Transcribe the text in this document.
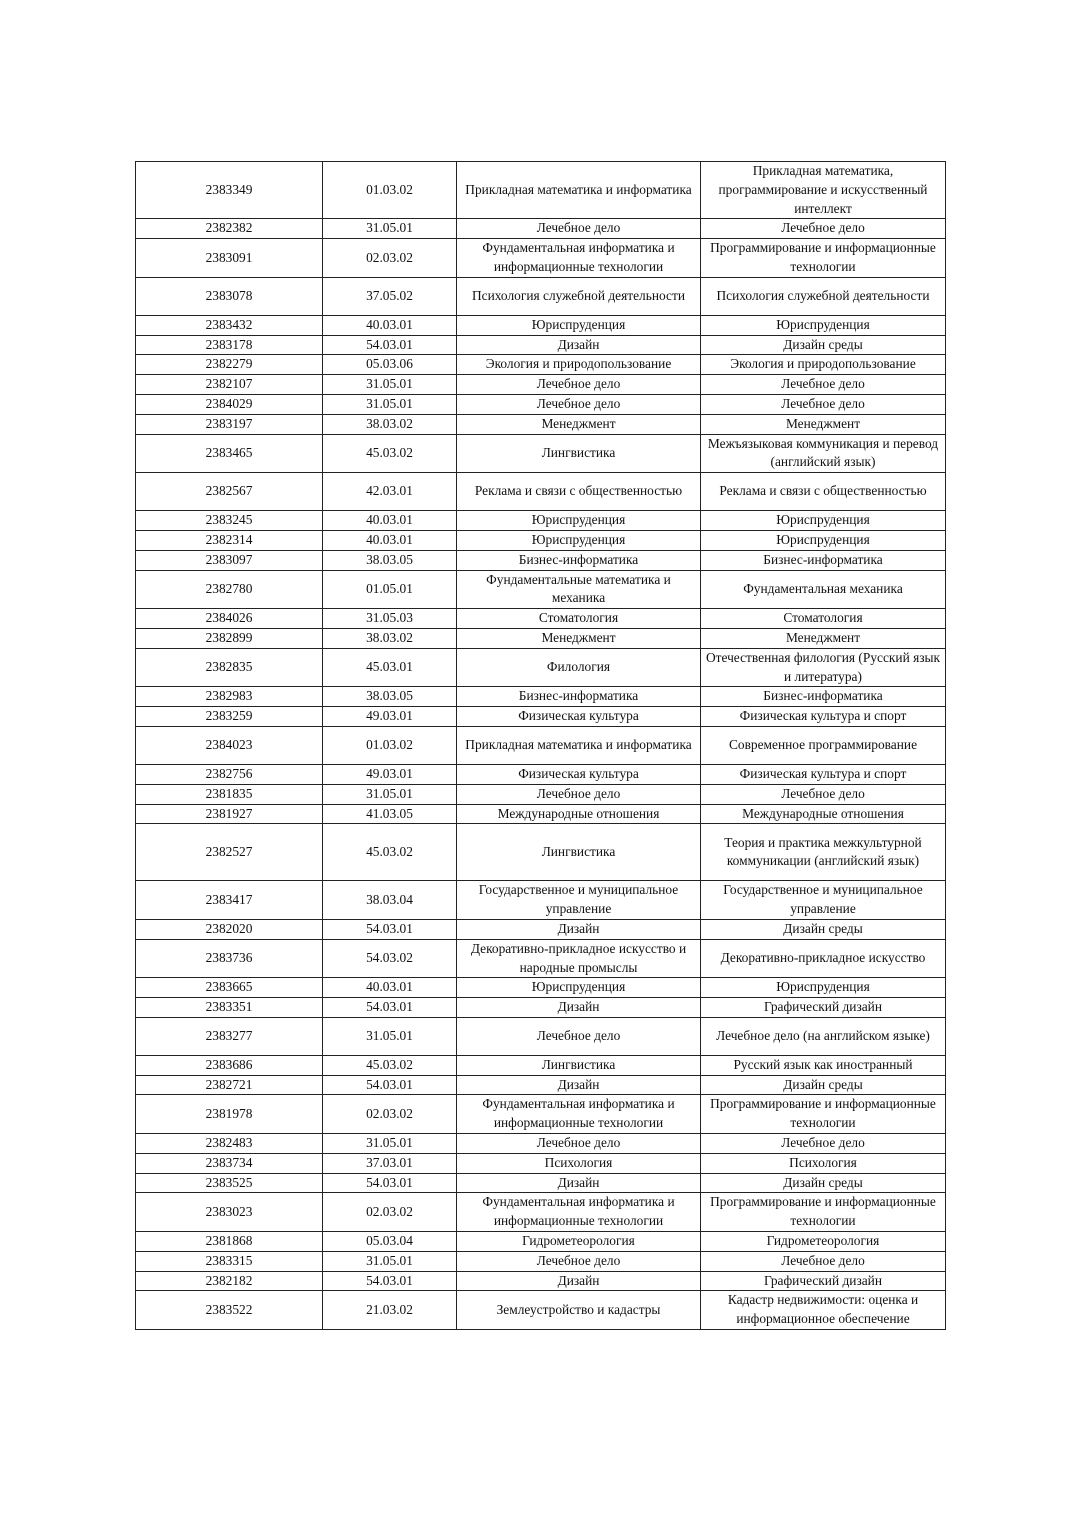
2383349	01.03.02	Прикладная математика и информатика	Прикладная математика, программирование и искусственный интеллект
2382382	31.05.01	Лечебное дело	Лечебное дело
2383091	02.03.02	Фундаментальная информатика и информационные технологии	Программирование и информационные технологии
2383078	37.05.02	Психология служебной деятельности	Психология служебной деятельности
2383432	40.03.01	Юриспруденция	Юриспруденция
2383178	54.03.01	Дизайн	Дизайн среды
2382279	05.03.06	Экология и природопользование	Экология и природопользование
2382107	31.05.01	Лечебное дело	Лечебное дело
2384029	31.05.01	Лечебное дело	Лечебное дело
2383197	38.03.02	Менеджмент	Менеджмент
2383465	45.03.02	Лингвистика	Межъязыковая коммуникация и перевод (английский язык)
2382567	42.03.01	Реклама и связи с общественностью	Реклама и связи с общественностью
2383245	40.03.01	Юриспруденция	Юриспруденция
2382314	40.03.01	Юриспруденция	Юриспруденция
2383097	38.03.05	Бизнес-информатика	Бизнес-информатика
2382780	01.05.01	Фундаментальные математика и механика	Фундаментальная механика
2384026	31.05.03	Стоматология	Стоматология
2382899	38.03.02	Менеджмент	Менеджмент
2382835	45.03.01	Филология	Отечественная филология (Русский язык и литература)
2382983	38.03.05	Бизнес-информатика	Бизнес-информатика
2383259	49.03.01	Физическая культура	Физическая культура и спорт
2384023	01.03.02	Прикладная математика и информатика	Современное программирование
2382756	49.03.01	Физическая культура	Физическая культура и спорт
2381835	31.05.01	Лечебное дело	Лечебное дело
2381927	41.03.05	Международные отношения	Международные отношения
2382527	45.03.02	Лингвистика	Теория и практика межкультурной коммуникации (английский язык)
2383417	38.03.04	Государственное и муниципальное управление	Государственное и муниципальное управление
2382020	54.03.01	Дизайн	Дизайн среды
2383736	54.03.02	Декоративно-прикладное искусство и народные промыслы	Декоративно-прикладное искусство
2383665	40.03.01	Юриспруденция	Юриспруденция
2383351	54.03.01	Дизайн	Графический дизайн
2383277	31.05.01	Лечебное дело	Лечебное дело (на английском языке)
2383686	45.03.02	Лингвистика	Русский язык как иностранный
2382721	54.03.01	Дизайн	Дизайн среды
2381978	02.03.02	Фундаментальная информатика и информационные технологии	Программирование и информационные технологии
2382483	31.05.01	Лечебное дело	Лечебное дело
2383734	37.03.01	Психология	Психология
2383525	54.03.01	Дизайн	Дизайн среды
2383023	02.03.02	Фундаментальная информатика и информационные технологии	Программирование и информационные технологии
2381868	05.03.04	Гидрометеорология	Гидрометеорология
2383315	31.05.01	Лечебное дело	Лечебное дело
2382182	54.03.01	Дизайн	Графический дизайн
2383522	21.03.02	Землеустройство и кадастры	Кадастр недвижимости: оценка и информационное обеспечение
